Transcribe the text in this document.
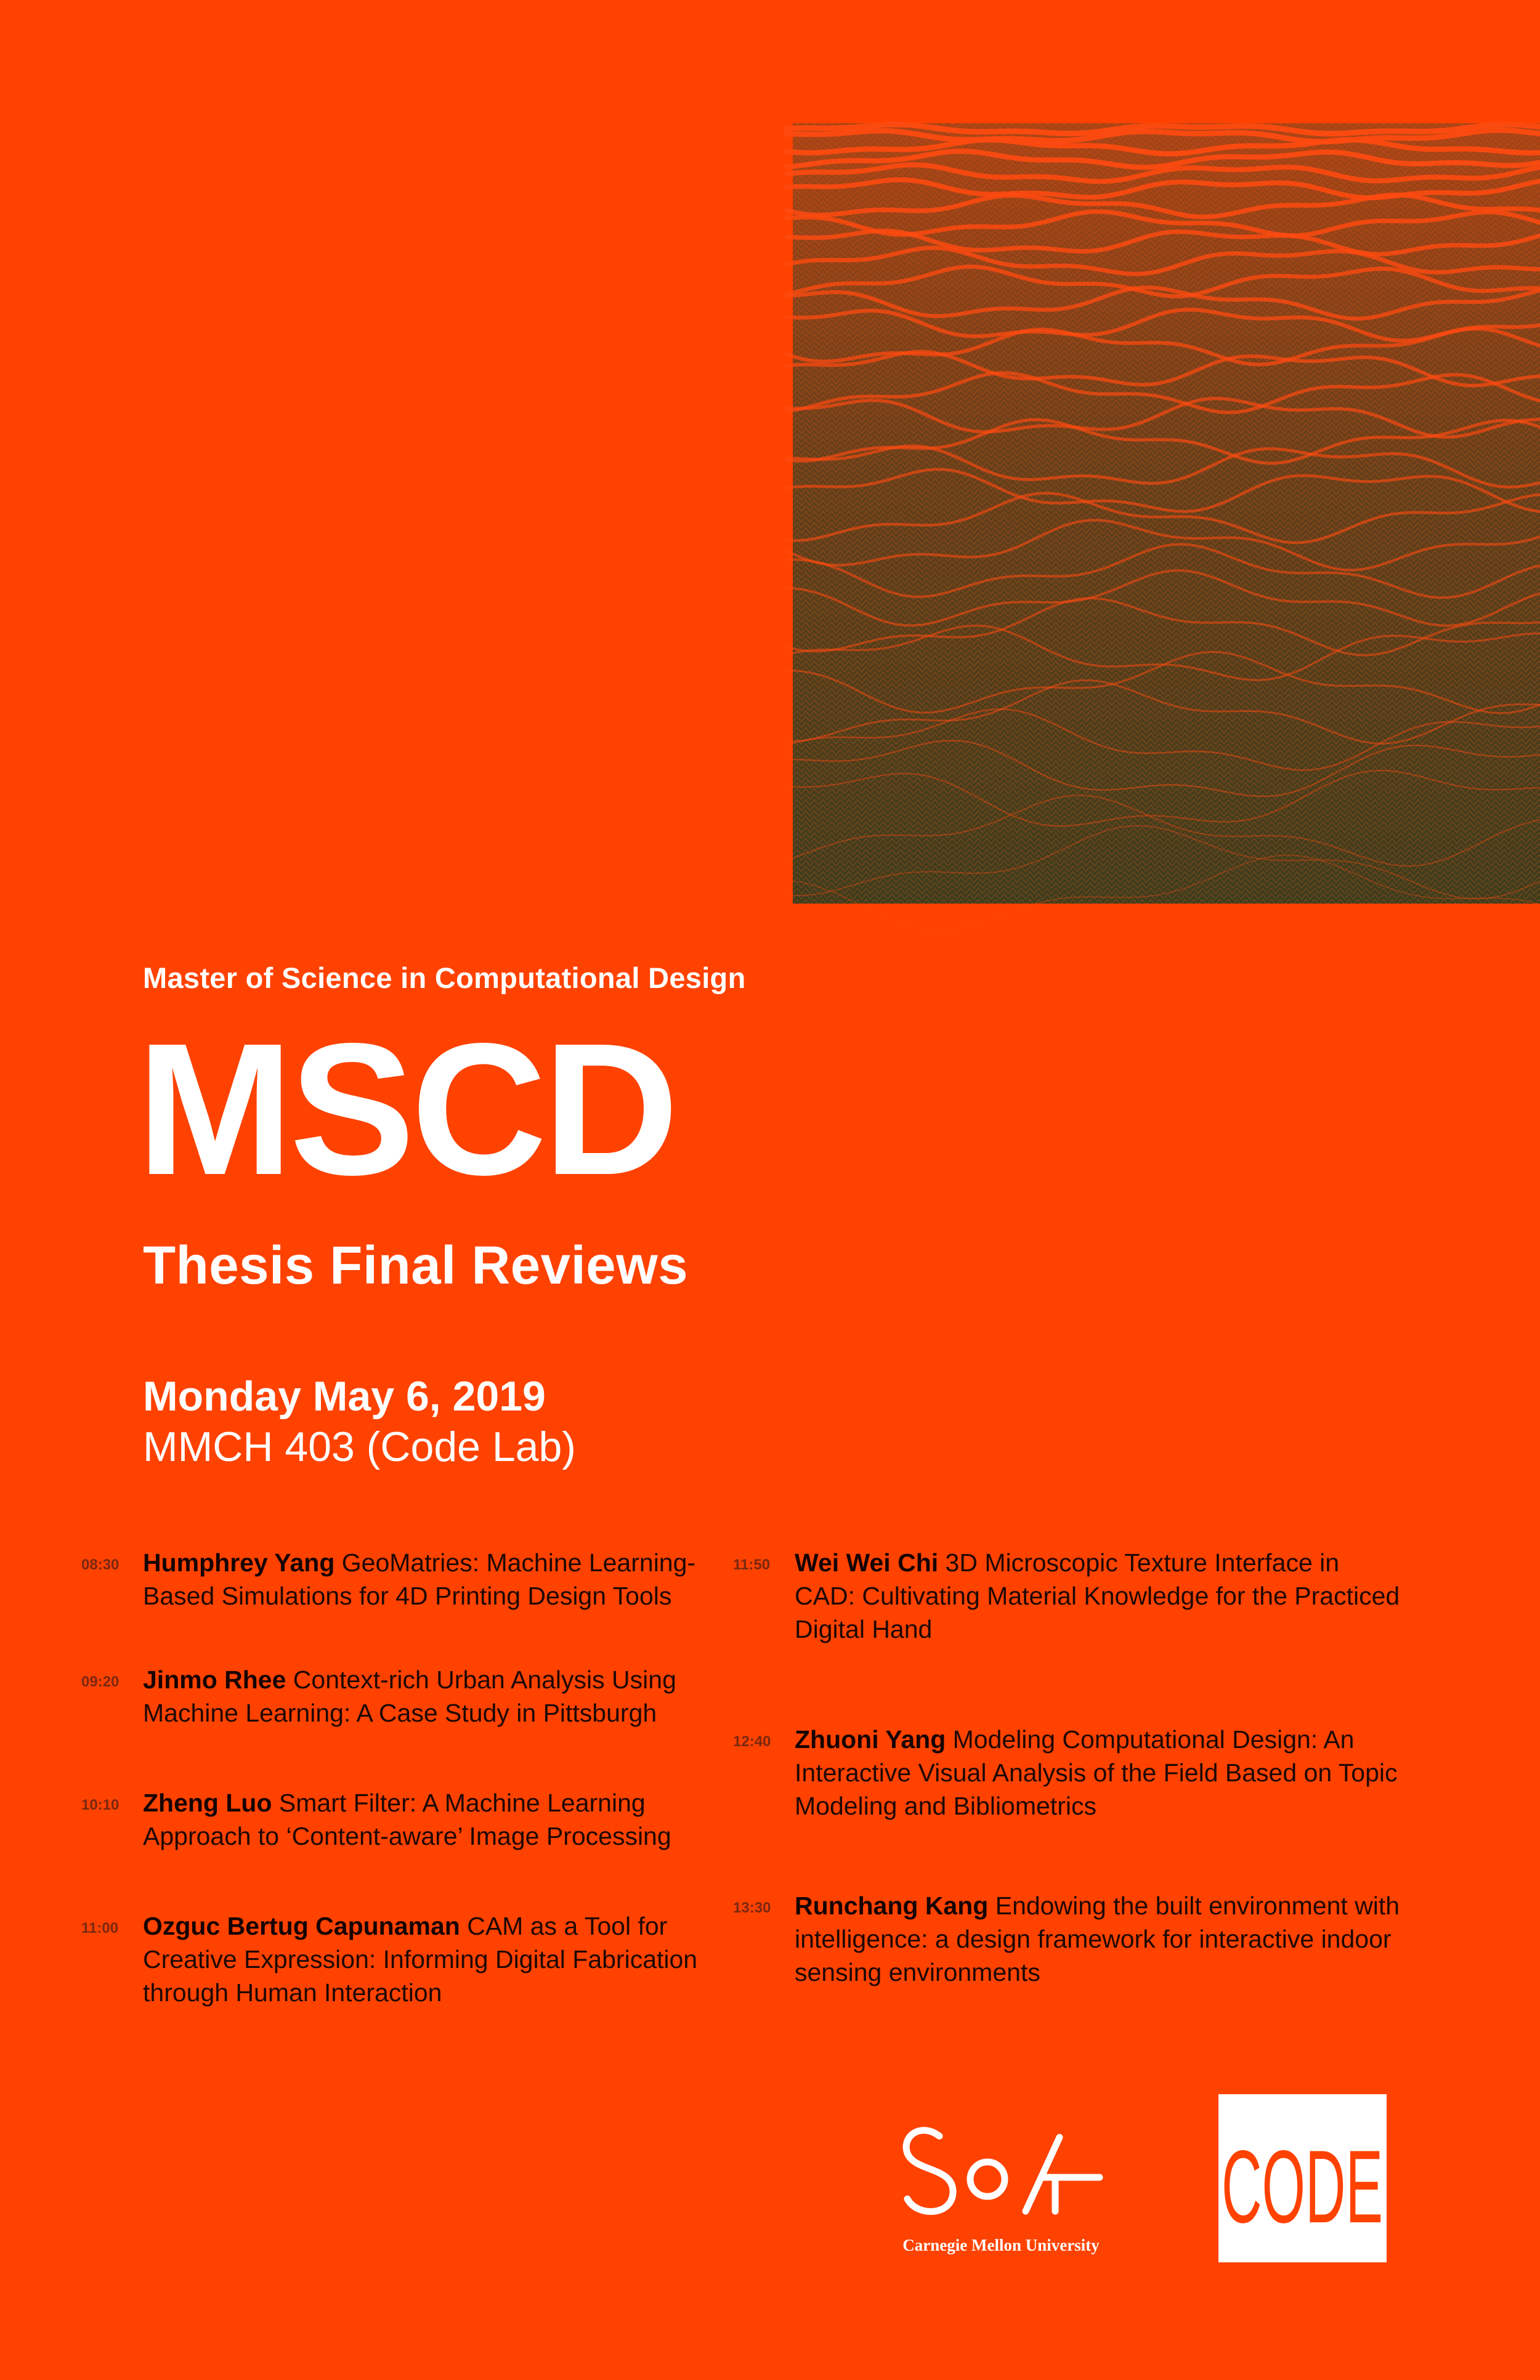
Master of Science in Computational Design
MSCD
Thesis Final Reviews
Monday May 6, 2019
MMCH 403 (Code Lab)
08:30 Humphrey Yang GeoMatries: Machine Learning-Based Simulations for 4D Printing Design Tools
09:20 Jinmo Rhee Context-rich Urban Analysis Using Machine Learning: A Case Study in Pittsburgh
10:10 Zheng Luo Smart Filter: A Machine Learning Approach to ‘Content-aware’ Image Processing
11:00 Ozguc Bertug Capunaman CAM as a Tool for Creative Expression: Informing Digital Fabrication through Human Interaction
11:50 Wei Wei Chi 3D Microscopic Texture Interface in CAD: Cultivating Material Knowledge for the Practiced Digital Hand
12:40 Zhuoni Yang Modeling Computational Design: An Interactive Visual Analysis of the Field Based on Topic Modeling and Bibliometrics
13:30 Runchang Kang Endowing the built environment with intelligence: a design framework for interactive indoor sensing environments
Carnegie Mellon University
CODE
